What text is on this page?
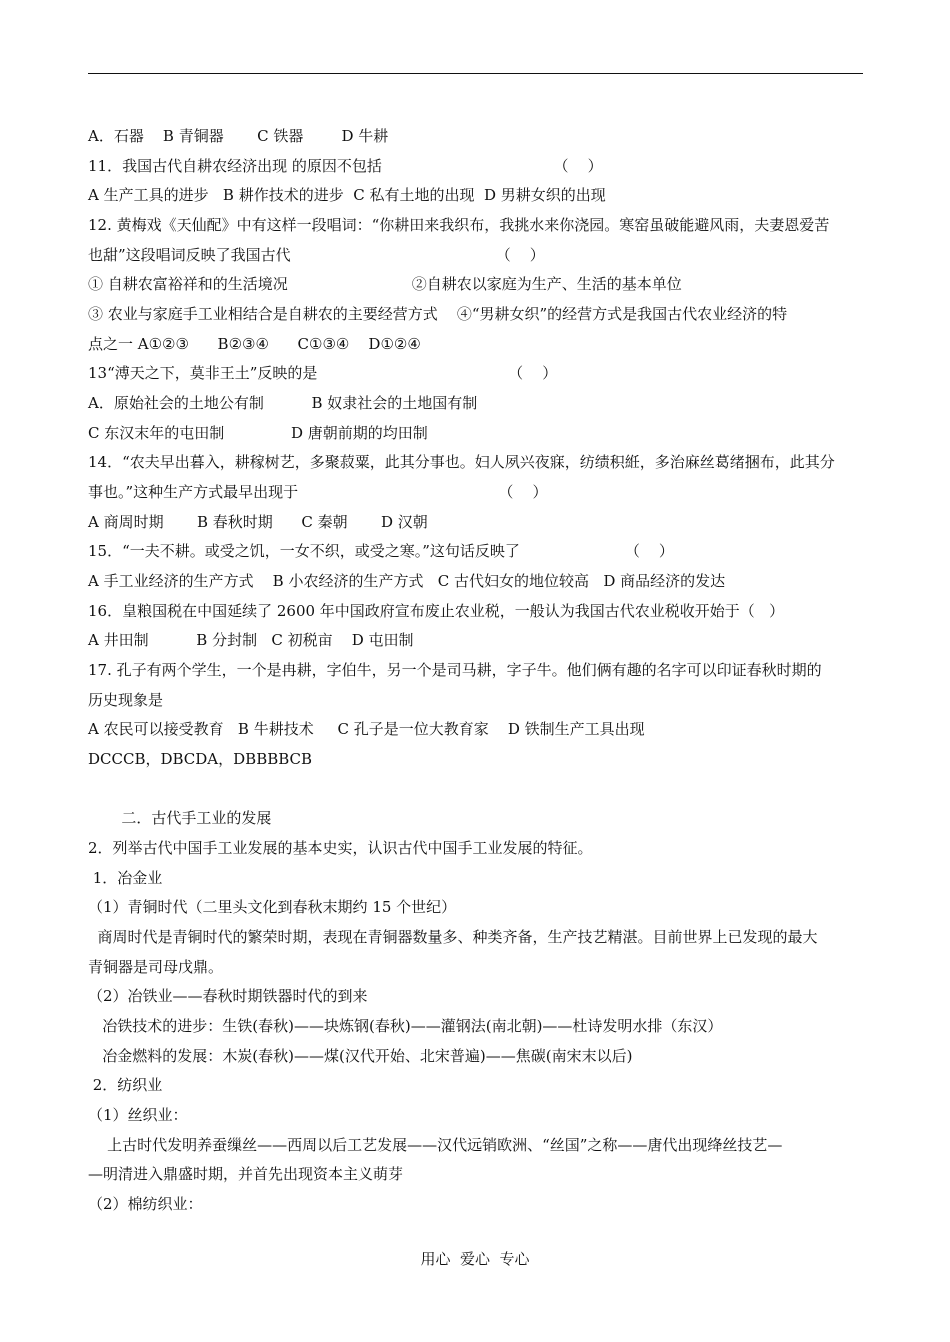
A．石器    B 青铜器       C 铁器        D 牛耕
11．我国古代自耕农经济出现 的原因不包括                                    （    ）
A 生产工具的进步   B 耕作技术的进步  C 私有土地的出现  D 男耕女织的出现
12. 黄梅戏《天仙配》中有这样一段唱词：“你耕田来我织布，我挑水来你浇园。寒窑虽破能避风雨，夫妻恩爱苦
也甜”这段唱词反映了我国古代                                           （    ）
① 自耕农富裕祥和的生活境况                          ②自耕农以家庭为生产、生活的基本单位
③ 农业与家庭手工业相结合是自耕农的主要经营方式    ④“男耕女织”的经营方式是我国古代农业经济的特
点之一 A①②③      B②③④      C①③④    D①②④
13“溥天之下，莫非王土”反映的是                                        （    ）
A．原始社会的土地公有制          B 奴隶社会的土地国有制
C 东汉末年的屯田制              D 唐朝前期的均田制
14．“农夫早出暮入，耕稼树艺，多聚菽粟，此其分事也。妇人夙兴夜寐，纺绩积絍，多治麻丝葛绪捆布，此其分
事也。”这种生产方式最早出现于                                          （    ）
A 商周时期       B 春秋时期      C 秦朝       D 汉朝
15．“一夫不耕。或受之饥，一女不织，或受之寒。”这句话反映了                      （    ）
A 手工业经济的生产方式    B 小农经济的生产方式   C 古代妇女的地位较高   D 商品经济的发达
16．皇粮国税在中国延续了 2600 年中国政府宣布废止农业税，一般认为我国古代农业税收开始于（   ）
A 井田制          B 分封制   C 初税亩    D 屯田制
17. 孔子有两个学生，一个是冉耕，字伯牛，另一个是司马耕，字子牛。他们俩有趣的名字可以印证春秋时期的
历史现象是
A 农民可以接受教育   B 牛耕技术     C 孔子是一位大教育家    D 铁制生产工具出现
DCCCB，DBCDA，DBBBBCB
二．古代手工业的发展
2．列举古代中国手工业发展的基本史实，认识古代中国手工业发展的特征。
1．冶金业
（1）青铜时代（二里头文化到春秋末期约 15 个世纪）
商周时代是青铜时代的繁荣时期，表现在青铜器数量多、种类齐备，生产技艺精湛。目前世界上已发现的最大
青铜器是司母戊鼎。
（2）冶铁业——春秋时期铁器时代的到来
冶铁技术的进步：生铁(春秋)——块炼钢(春秋)——灌钢法(南北朝)——杜诗发明水排（东汉）
冶金燃料的发展：木炭(春秋)——煤(汉代开始、北宋普遍)——焦碳(南宋末以后)
2．纺织业
（1）丝织业：
上古时代发明养蚕缫丝——西周以后工艺发展——汉代远销欧洲、“丝国”之称——唐代出现绛丝技艺—
—明清进入鼎盛时期，并首先出现资本主义萌芽
（2）棉纺织业：
用心  爱心  专心
